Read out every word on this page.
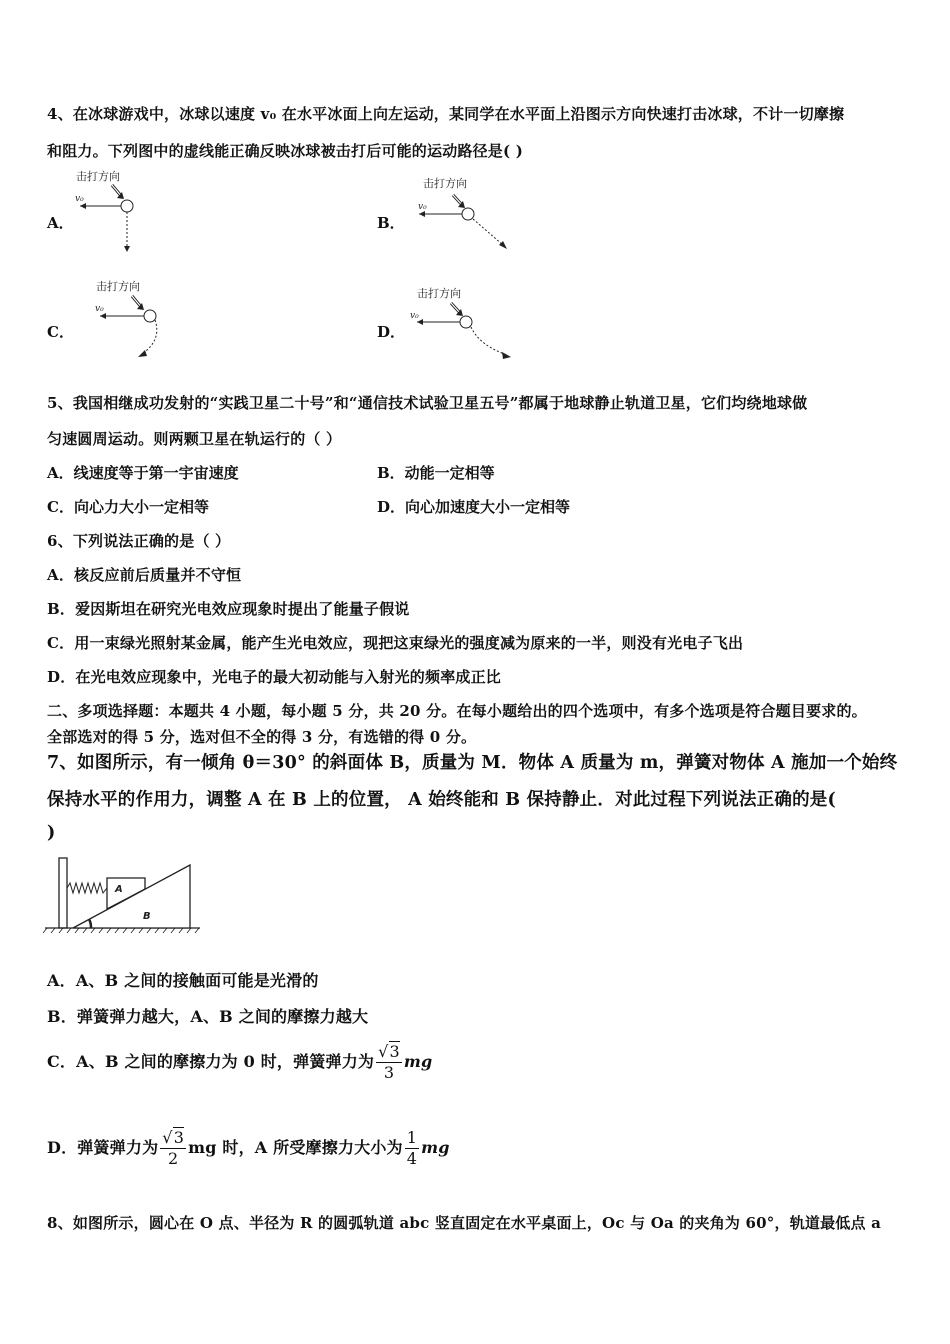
4、在冰球游戏中，冰球以速度 v₀ 在水平冰面上向左运动，某同学在水平面上沿图示方向快速打击冰球，不计一切摩擦
和阻力。下列图中的虚线能正确反映冰球被击打后可能的运动路径是( )
A．
击打方向
v₀
B．
击打方向
v₀
C．
击打方向
v₀
D．
击打方向
v₀
5、我国相继成功发射的“实践卫星二十号”和“通信技术试验卫星五号”都属于地球静止轨道卫星，它们均绕地球做
匀速圆周运动。则两颗卫星在轨运行的（ ）
A．线速度等于第一宇宙速度	B．动能一定相等
C．向心力大小一定相等	D．向心加速度大小一定相等
6、下列说法正确的是（ ）
A．核反应前后质量并不守恒
B．爱因斯坦在研究光电效应现象时提出了能量子假说
C．用一束绿光照射某金属，能产生光电效应，现把这束绿光的强度减为原来的一半，则没有光电子飞出
D．在光电效应现象中，光电子的最大初动能与入射光的频率成正比
二、多项选择题：本题共 4 小题，每小题 5 分，共 20 分。在每小题给出的四个选项中，有多个选项是符合题目要求的。
全部选对的得 5 分，选对但不全的得 3 分，有选错的得 0 分。
7、如图所示，有一倾角 θ＝30° 的斜面体 B，质量为 M．物体 A 质量为 m，弹簧对物体 A 施加一个始终
保持水平的作用力，调整 A 在 B 上的位置， A 始终能和 B 保持静止．对此过程下列说法正确的是(
)
A
B
A．A、B 之间的接触面可能是光滑的
B．弹簧弹力越大，A、B 之间的摩擦力越大
C．A、B 之间的摩擦力为 0 时，弹簧弹力为 $\frac{√3}{3}$ mg
D．弹簧弹力为 $\frac{√3}{2}$ mg 时，A 所受摩擦力大小为 $\frac{1}{4}$ mg
8、如图所示，圆心在 O 点、半径为 R 的圆弧轨道 abc 竖直固定在水平桌面上，Oc 与 Oa 的夹角为 60°，轨道最低点 a
